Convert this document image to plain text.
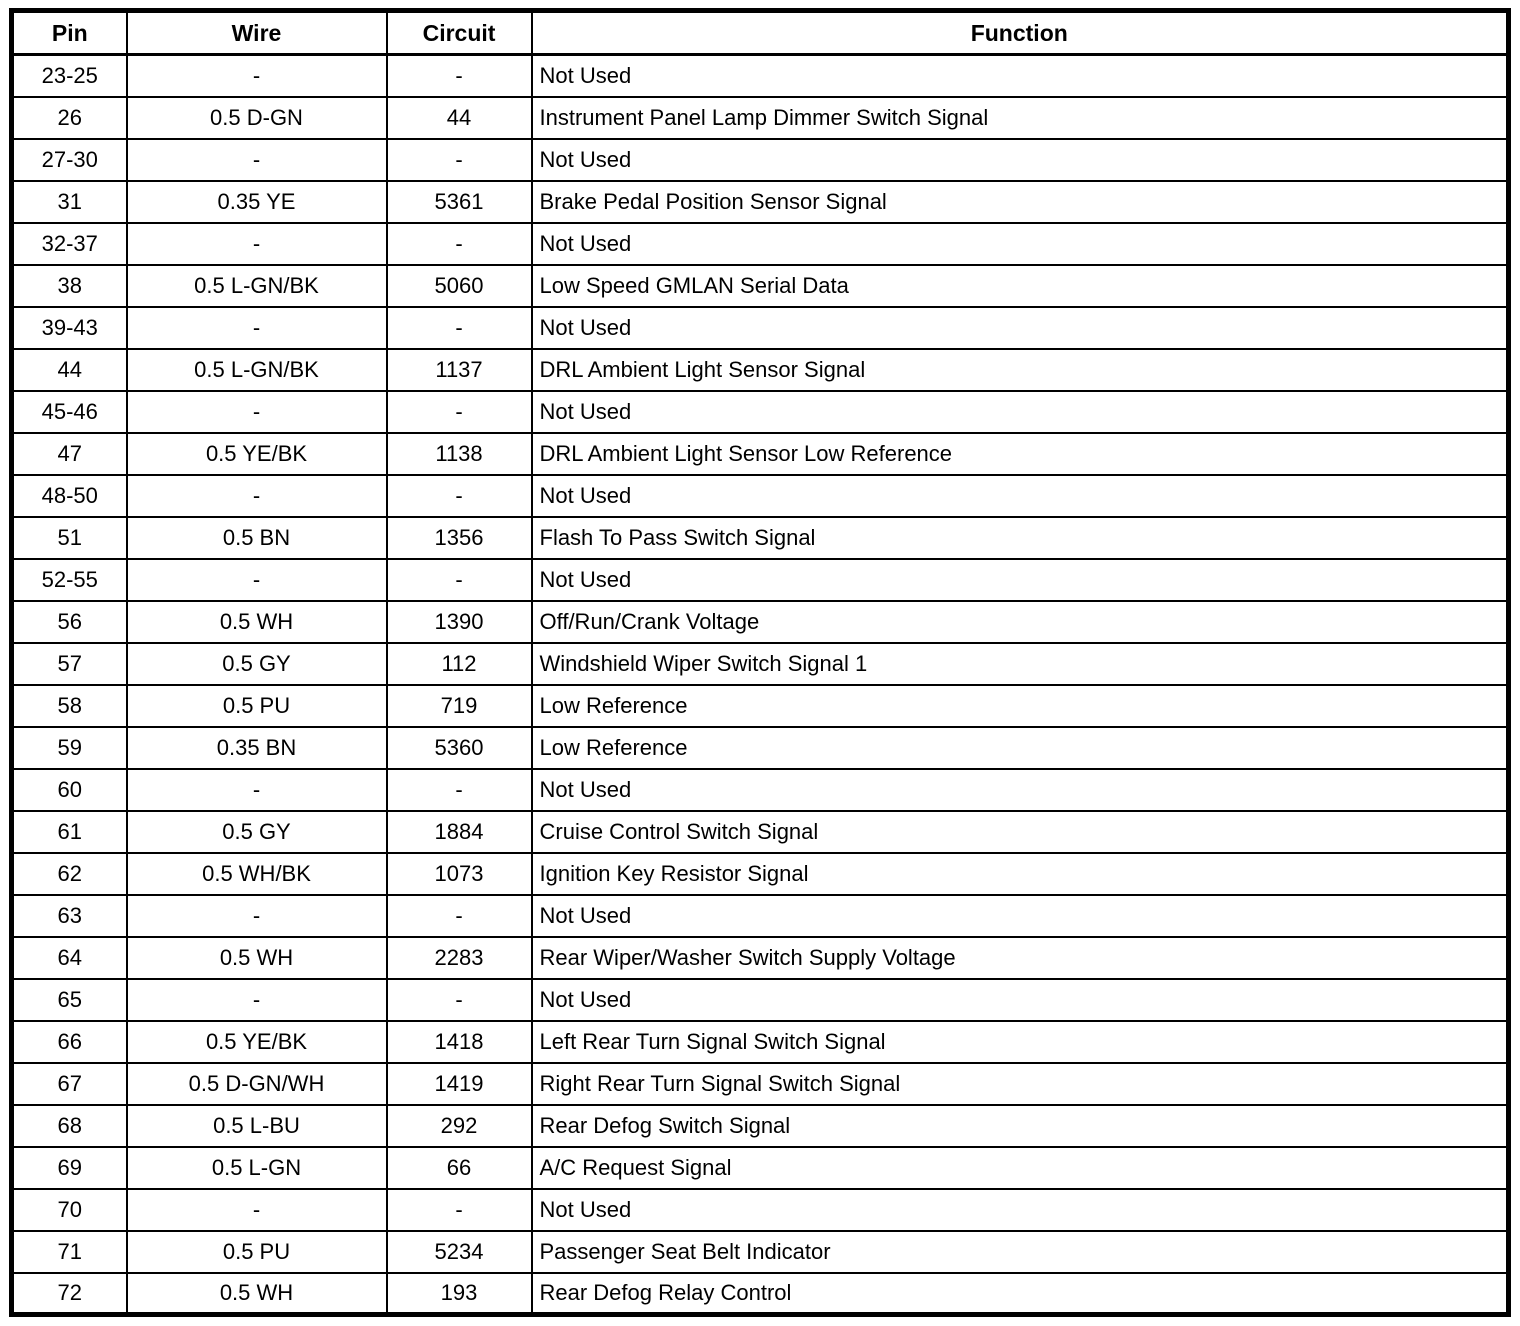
Pin	Wire	Circuit	Function
23-25	-	-	Not Used
26	0.5 D-GN	44	Instrument Panel Lamp Dimmer Switch Signal
27-30	-	-	Not Used
31	0.35 YE	5361	Brake Pedal Position Sensor Signal
32-37	-	-	Not Used
38	0.5 L-GN/BK	5060	Low Speed GMLAN Serial Data
39-43	-	-	Not Used
44	0.5 L-GN/BK	1137	DRL Ambient Light Sensor Signal
45-46	-	-	Not Used
47	0.5 YE/BK	1138	DRL Ambient Light Sensor Low Reference
48-50	-	-	Not Used
51	0.5 BN	1356	Flash To Pass Switch Signal
52-55	-	-	Not Used
56	0.5 WH	1390	Off/Run/Crank Voltage
57	0.5 GY	112	Windshield Wiper Switch Signal 1
58	0.5 PU	719	Low Reference
59	0.35 BN	5360	Low Reference
60	-	-	Not Used
61	0.5 GY	1884	Cruise Control Switch Signal
62	0.5 WH/BK	1073	Ignition Key Resistor Signal
63	-	-	Not Used
64	0.5 WH	2283	Rear Wiper/Washer Switch Supply Voltage
65	-	-	Not Used
66	0.5 YE/BK	1418	Left Rear Turn Signal Switch Signal
67	0.5 D-GN/WH	1419	Right Rear Turn Signal Switch Signal
68	0.5 L-BU	292	Rear Defog Switch Signal
69	0.5 L-GN	66	A/C Request Signal
70	-	-	Not Used
71	0.5 PU	5234	Passenger Seat Belt Indicator
72	0.5 WH	193	Rear Defog Relay Control
